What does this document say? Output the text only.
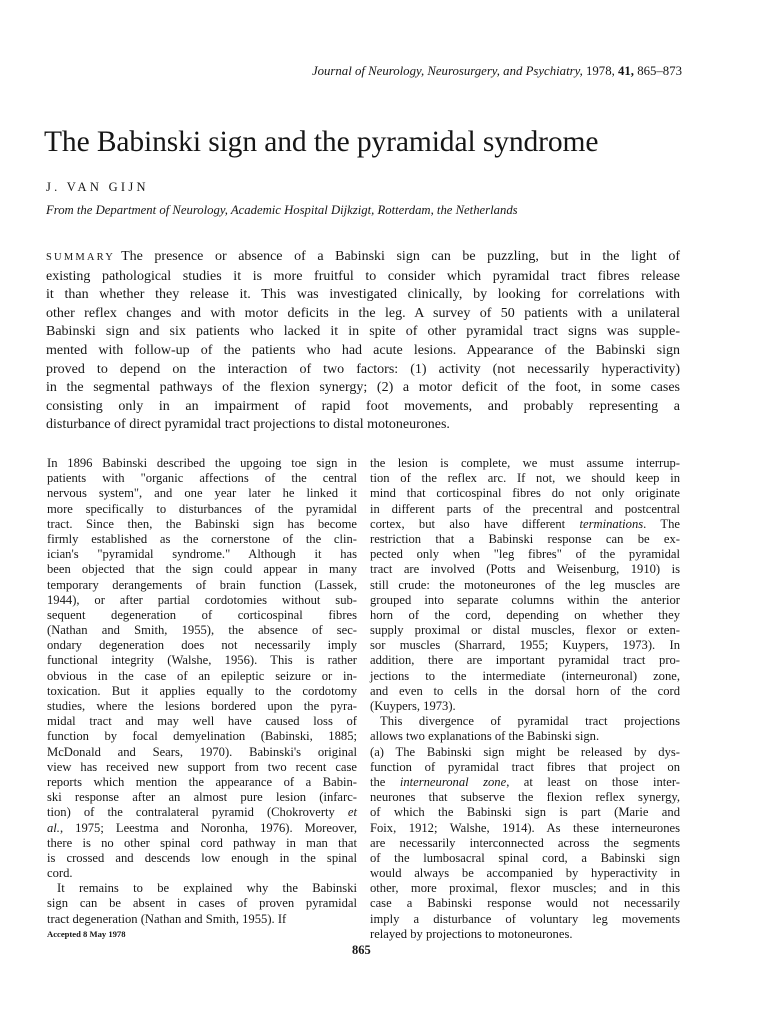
Journal of Neurology, Neurosurgery, and Psychiatry, 1978, 41, 865–873
The Babinski sign and the pyramidal syndrome
J. VAN GIJN
From the Department of Neurology, Academic Hospital Dijkzigt, Rotterdam, the Netherlands
SUMMARY The presence or absence of a Babinski sign can be puzzling, but in the light of
existing pathological studies it is more fruitful to consider which pyramidal tract fibres release
it than whether they release it. This was investigated clinically, by looking for correlations with
other reflex changes and with motor deficits in the leg. A survey of 50 patients with a unilateral
Babinski sign and six patients who lacked it in spite of other pyramidal tract signs was supple-
mented with follow-up of the patients who had acute lesions. Appearance of the Babinski sign
proved to depend on the interaction of two factors: (1) activity (not necessarily hyperactivity)
in the segmental pathways of the flexion synergy; (2) a motor deficit of the foot, in some cases
consisting only in an impairment of rapid foot movements, and probably representing a
disturbance of direct pyramidal tract projections to distal motoneurones.
In 1896 Babinski described the upgoing toe sign in
patients with "organic affections of the central
nervous system", and one year later he linked it
more specifically to disturbances of the pyramidal
tract. Since then, the Babinski sign has become
firmly established as the cornerstone of the clin-
ician's "pyramidal syndrome." Although it has
been objected that the sign could appear in many
temporary derangements of brain function (Lassek,
1944), or after partial cordotomies without sub-
sequent degeneration of corticospinal fibres
(Nathan and Smith, 1955), the absence of sec-
ondary degeneration does not necessarily imply
functional integrity (Walshe, 1956). This is rather
obvious in the case of an epileptic seizure or in-
toxication. But it applies equally to the cordotomy
studies, where the lesions bordered upon the pyra-
midal tract and may well have caused loss of
function by focal demyelination (Babinski, 1885;
McDonald and Sears, 1970). Babinski's original
view has received new support from two recent case
reports which mention the appearance of a Babin-
ski response after an almost pure lesion (infarc-
tion) of the contralateral pyramid (Chokroverty et
al., 1975; Leestma and Noronha, 1976). Moreover,
there is no other spinal cord pathway in man that
is crossed and descends low enough in the spinal
cord.
It remains to be explained why the Babinski
sign can be absent in cases of proven pyramidal
tract degeneration (Nathan and Smith, 1955). If
the lesion is complete, we must assume interrup-
tion of the reflex arc. If not, we should keep in
mind that corticospinal fibres do not only originate
in different parts of the precentral and postcentral
cortex, but also have different terminations. The
restriction that a Babinski response can be ex-
pected only when "leg fibres" of the pyramidal
tract are involved (Potts and Weisenburg, 1910) is
still crude: the motoneurones of the leg muscles are
grouped into separate columns within the anterior
horn of the cord, depending on whether they
supply proximal or distal muscles, flexor or exten-
sor muscles (Sharrard, 1955; Kuypers, 1973). In
addition, there are important pyramidal tract pro-
jections to the intermediate (interneuronal) zone,
and even to cells in the dorsal horn of the cord
(Kuypers, 1973).
This divergence of pyramidal tract projections
allows two explanations of the Babinski sign.
(a) The Babinski sign might be released by dys-
function of pyramidal tract fibres that project on
the interneuronal zone, at least on those inter-
neurones that subserve the flexion reflex synergy,
of which the Babinski sign is part (Marie and
Foix, 1912; Walshe, 1914). As these interneurones
are necessarily interconnected across the segments
of the lumbosacral spinal cord, a Babinski sign
would always be accompanied by hyperactivity in
other, more proximal, flexor muscles; and in this
case a Babinski response would not necessarily
imply a disturbance of voluntary leg movements
relayed by projections to motoneurones.
Accepted 8 May 1978
865
